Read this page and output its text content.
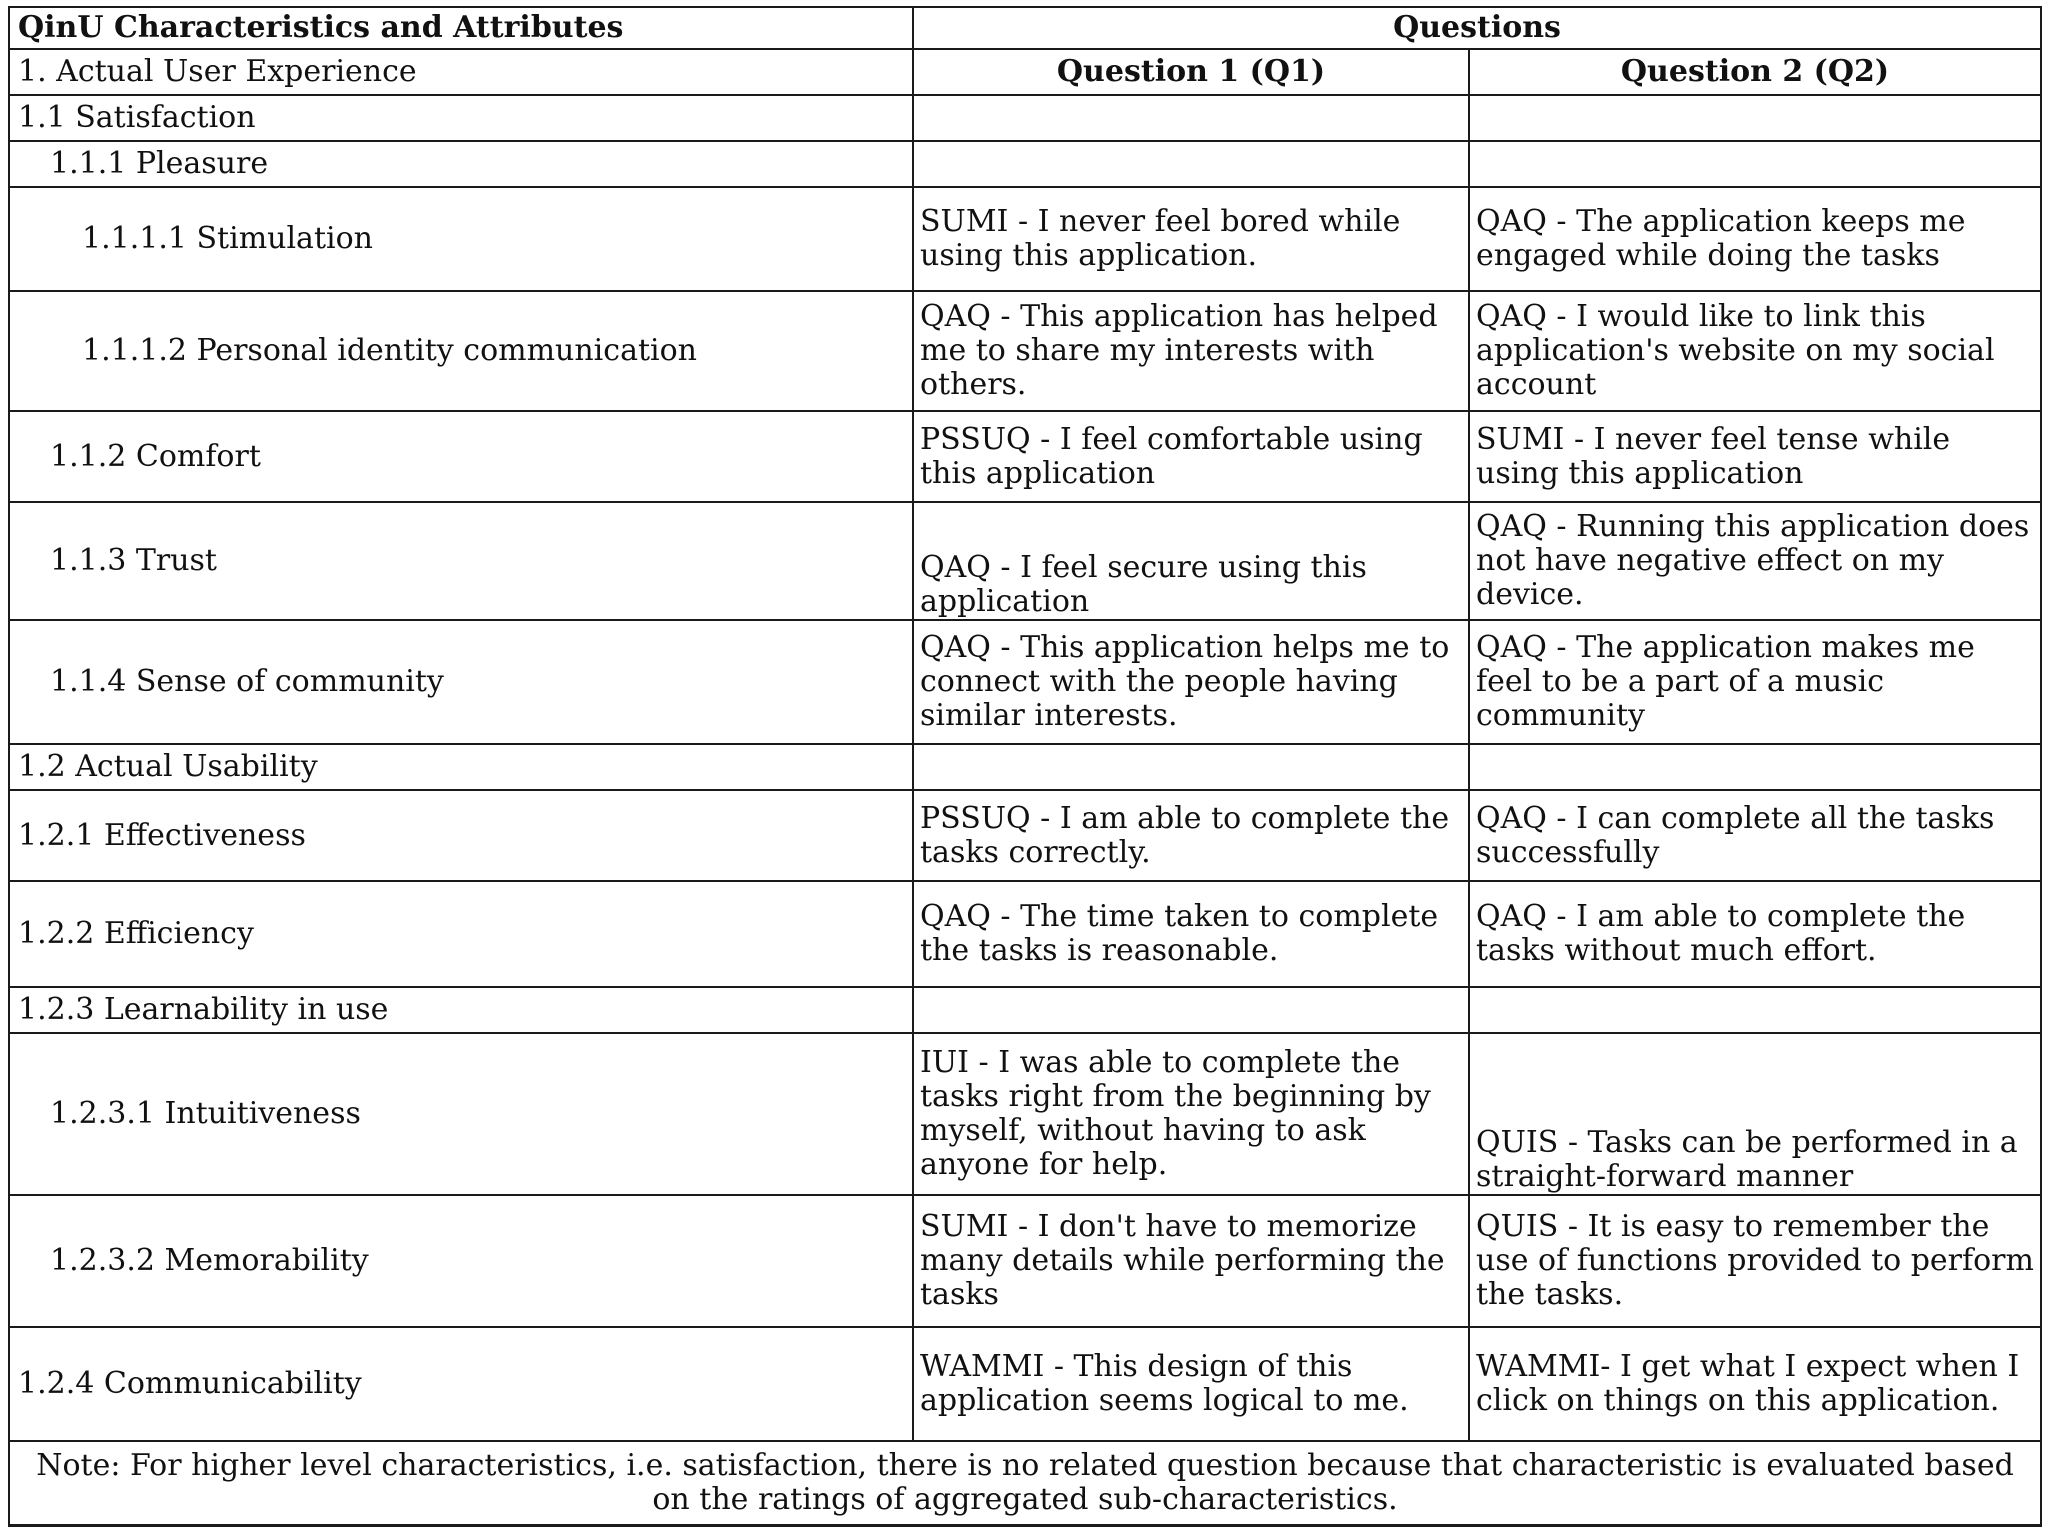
QinU Characteristics and Attributes	Questions	
1. Actual User Experience	Question 1 (Q1)	Question 2 (Q2)
1.1 Satisfaction		
1.1.1 Pleasure		
1.1.1.1 Stimulation	SUMI - I never feel bored while using this application.	QAQ - The application keeps me engaged while doing the tasks
1.1.1.2 Personal identity communication	QAQ - This application has helped me to share my interests with others.	QAQ - I would like to link this application's website on my social account
1.1.2 Comfort	PSSUQ - I feel comfortable using this application	SUMI - I never feel tense while using this application
1.1.3 Trust	QAQ - I feel secure using this application	QAQ - Running this application does not have negative effect on my device.
1.1.4 Sense of community	QAQ - This application helps me to connect with the people having similar interests.	QAQ - The application makes me feel to be a part of a music community
1.2 Actual Usability		
1.2.1 Effectiveness	PSSUQ - I am able to complete the tasks correctly.	QAQ - I can complete all the tasks successfully
1.2.2 Efficiency	QAQ - The time taken to complete the tasks is reasonable.	QAQ - I am able to complete the tasks without much effort.
1.2.3 Learnability in use		
1.2.3.1 Intuitiveness	IUI - I was able to complete the tasks right from the beginning by myself, without having to ask anyone for help.	QUIS - Tasks can be performed in a straight-forward manner
1.2.3.2 Memorability	SUMI - I don't have to memorize many details while performing the tasks	QUIS - It is easy to remember the use of functions provided to perform the tasks.
1.2.4 Communicability	WAMMI - This design of this application seems logical to me.	WAMMI- I get what I expect when I click on things on this application.
Note: For higher level characteristics, i.e. satisfaction, there is no related question because that characteristic is evaluated based on the ratings of aggregated sub-characteristics.		
